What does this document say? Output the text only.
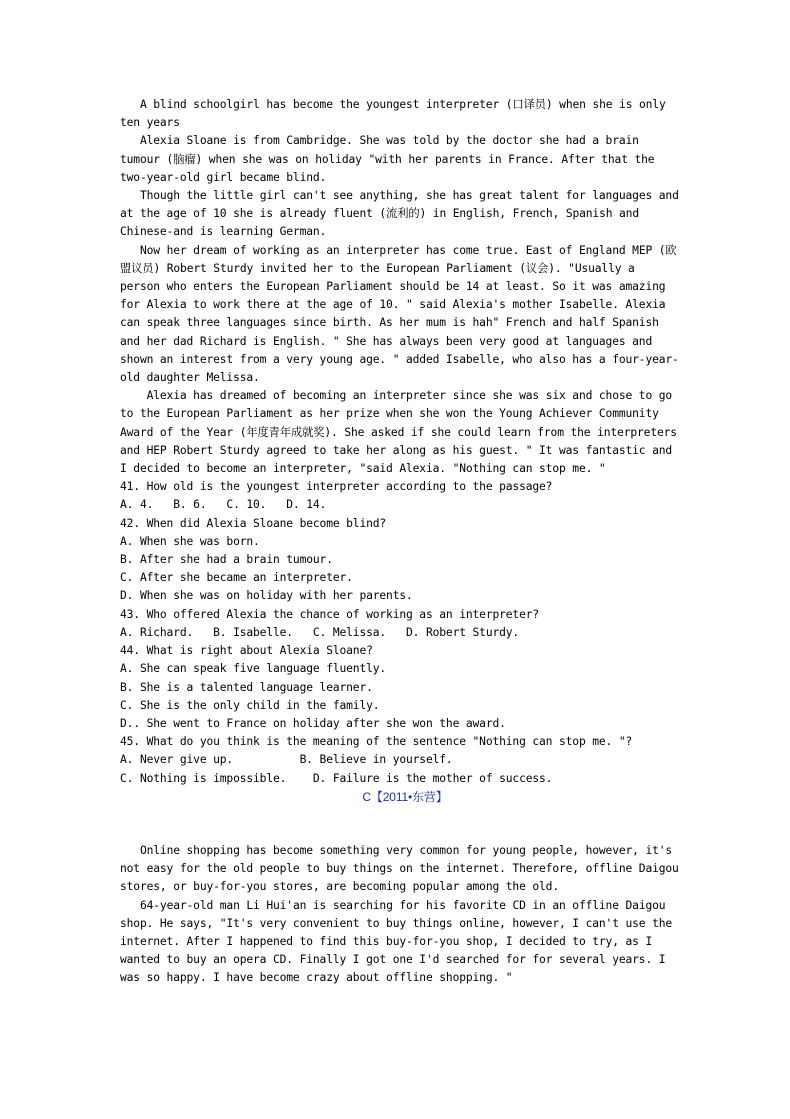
A blind schoolgirl has become the youngest interpreter (口译员) when she is only ten years

Alexia Sloane is from Cambridge. She was told by the doctor she had a brain tumour (脑瘤) when she was on holiday "with her parents in France. After that the two-year-old girl became blind.

Though the little girl can't see anything, she has great talent for languages and at the age of 10 she is already fluent (流利的) in English, French, Spanish and Chinese-and is learning German.

Now her dream of working as an interpreter has come true. East of England MEP (欧盟议员) Robert Sturdy invited her to the European Parliament (议会). "Usually a person who enters the European Parliament should be 14 at least. So it was amazing for Alexia to work there at the age of 10. " said Alexia's mother Isabelle. Alexia can speak three languages since birth. As her mum is hah" French and half Spanish and her dad Richard is English. " She has always been very good at languages and shown an interest from a very young age. " added Isabelle, who also has a four-year-old daughter Melissa.

Alexia has dreamed of becoming an interpreter since she was six and chose to go to the European Parliament as her prize when she won the Young Achiever Community Award of the Year (年度青年成就奖). She asked if she could learn from the interpreters and HEP Robert Sturdy agreed to take her along as his guest. " It was fantastic and I decided to become an interpreter, "said Alexia. "Nothing can stop me. "

41. How old is the youngest interpreter according to the passage?
A. 4.   B. 6.   C. 10.   D. 14.
42. When did Alexia Sloane become blind?
A. When she was born.
B. After she had a brain tumour.
C. After she became an interpreter.
D. When she was on holiday with her parents.
43. Who offered Alexia the chance of working as an interpreter?
A. Richard.   B. Isabelle.   C. Melissa.   D. Robert Sturdy.
44. What is right about Alexia Sloane?
A. She can speak five language fluently.
B. She is a talented language learner.
C. She is the only child in the family.
D.. She went to France on holiday after she won the award.
45. What do you think is the meaning of the sentence "Nothing can stop me. "?
A. Never give up.          B. Believe in yourself.
C. Nothing is impossible.    D. Failure is the mother of success.
C【2011•东营】

Online shopping has become something very common for young people, however, it's not easy for the old people to buy things on the internet. Therefore, offline Daigou stores, or buy-for-you stores, are becoming popular among the old.

64-year-old man Li Hui'an is searching for his favorite CD in an offline Daigou shop. He says, "It's very convenient to buy things online, however, I can't use the internet. After I happened to find this buy-for-you shop, I decided to try, as I wanted to buy an opera CD. Finally I got one I'd searched for for several years. I was so happy. I have become crazy about offline shopping. "
